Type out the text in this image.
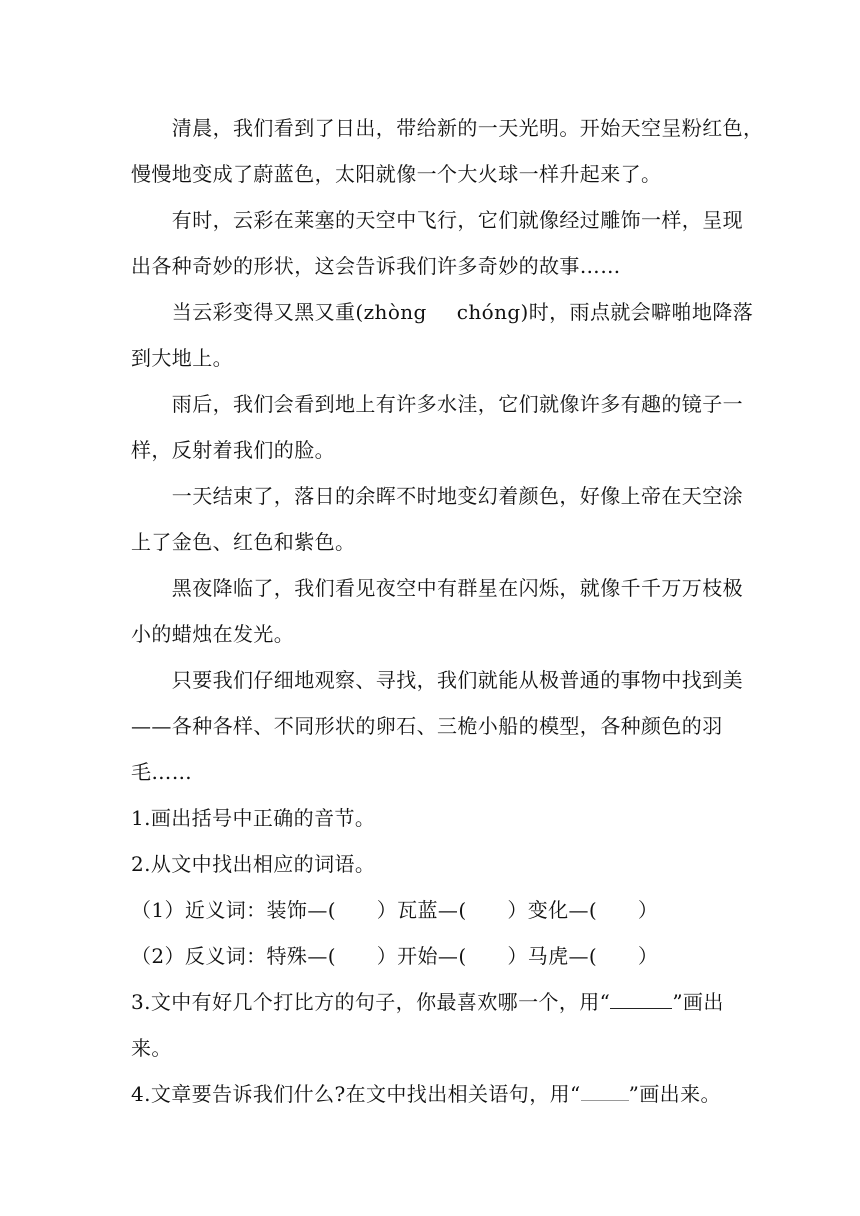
　　清晨，我们看到了日出，带给新的一天光明。开始天空呈粉红色，
慢慢地变成了蔚蓝色，太阳就像一个大火球一样升起来了。
　　有时，云彩在莱塞的天空中飞行，它们就像经过雕饰一样，呈现
出各种奇妙的形状，这会告诉我们许多奇妙的故事……
　　当云彩变得又黑又重(zhòng chóng)时，雨点就会噼啪地降落
到大地上。
　　雨后，我们会看到地上有许多水洼，它们就像许多有趣的镜子一
样，反射着我们的脸。
　　一天结束了，落日的余晖不时地变幻着颜色，好像上帝在天空涂
上了金色、红色和紫色。
　　黑夜降临了，我们看见夜空中有群星在闪烁，就像千千万万枝极
小的蜡烛在发光。
　　只要我们仔细地观察、寻找，我们就能从极普通的事物中找到美
——各种各样、不同形状的卵石、三桅小船的模型，各种颜色的羽
毛……
1.画出括号中正确的音节。
2.从文中找出相应的词语。
（1）近义词：装饰—(　　）瓦蓝—(　　）变化—(　　）
（2）反义词：特殊—(　　）开始—(　　）马虎—(　　）
3.文中有好几个打比方的句子，你最喜欢哪一个，用“	”画出
来。
4.文章要告诉我们什么?在文中找出相关语句，用“ ”画出来。
